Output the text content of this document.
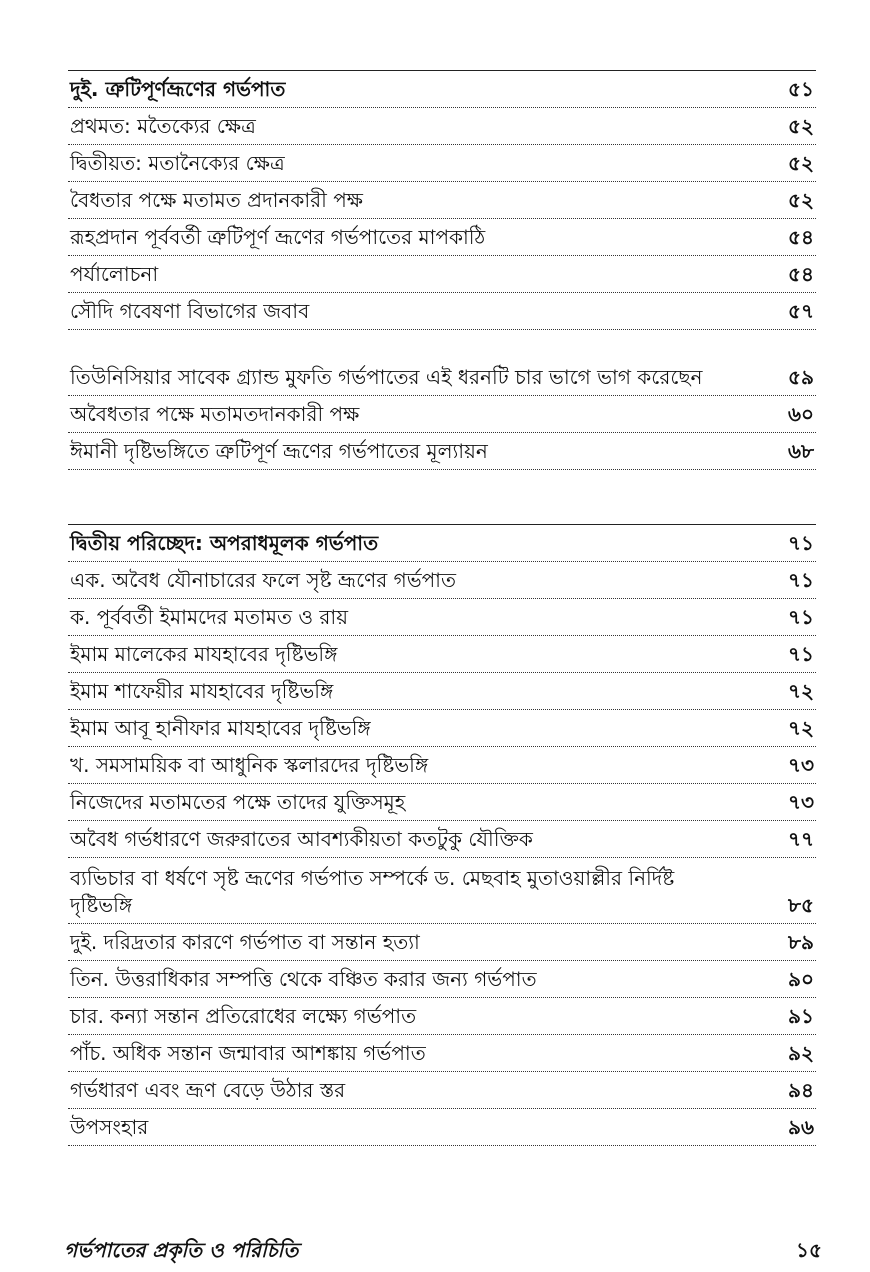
দুই. ত্রুটিপূর্ণভ্রূণের গর্ভপাত	৫১
প্রথমত: মতৈক্যের ক্ষেত্র	৫২
দ্বিতীয়ত: মতানৈক্যের ক্ষেত্র	৫২
বৈধতার পক্ষে মতামত প্রদানকারী পক্ষ	৫২
রূহপ্রদান পূর্ববর্তী ত্রুটিপূর্ণ ভ্রূণের গর্ভপাতের মাপকাঠি	৫৪
পর্যালোচনা	৫৪
সৌদি গবেষণা বিভাগের জবাব	৫৭
তিউনিসিয়ার সাবেক গ্র্যান্ড মুফতি গর্ভপাতের এই ধরনটি চার ভাগে ভাগ করেছেন	৫৯
অবৈধতার পক্ষে মতামতদানকারী পক্ষ	৬০
ঈমানী দৃষ্টিভঙ্গিতে ত্রুটিপূর্ণ ভ্রূণের গর্ভপাতের মূল্যায়ন	৬৮
দ্বিতীয় পরিচ্ছেদ: অপরাধমূলক গর্ভপাত	৭১
এক. অবৈধ যৌনাচারের ফলে সৃষ্ট ভ্রূণের গর্ভপাত	৭১
ক. পূর্ববর্তী ইমামদের মতামত ও রায়	৭১
ইমাম মালেকের মাযহাবের দৃষ্টিভঙ্গি	৭১
ইমাম শাফেয়ীর মাযহাবের দৃষ্টিভঙ্গি	৭২
ইমাম আবূ হানীফার মাযহাবের দৃষ্টিভঙ্গি	৭২
খ. সমসাময়িক বা আধুনিক স্কলারদের দৃষ্টিভঙ্গি	৭৩
নিজেদের মতামতের পক্ষে তাদের যুক্তিসমূহ	৭৩
অবৈধ গর্ভধারণে জরুরাতের আবশ্যকীয়তা কতটুকু যৌক্তিক	৭৭
ব্যভিচার বা ধর্ষণে সৃষ্ট ভ্রূণের গর্ভপাত সম্পর্কে ড. মেছবাহ মুতাওয়াল্লীর নির্দিষ্ট দৃষ্টিভঙ্গি	৮৫
দুই. দরিদ্রতার কারণে গর্ভপাত বা সন্তান হত্যা	৮৯
তিন. উত্তরাধিকার সম্পত্তি থেকে বঞ্চিত করার জন্য গর্ভপাত	৯০
চার. কন্যা সন্তান প্রতিরোধের লক্ষ্যে গর্ভপাত	৯১
পাঁচ. অধিক সন্তান জন্মাবার আশঙ্কায় গর্ভপাত	৯২
গর্ভধারণ এবং ভ্রূণ বেড়ে উঠার স্তর	৯৪
উপসংহার	৯৬
গর্ভপাতের প্রকৃতি ও পরিচিতি	১৫
